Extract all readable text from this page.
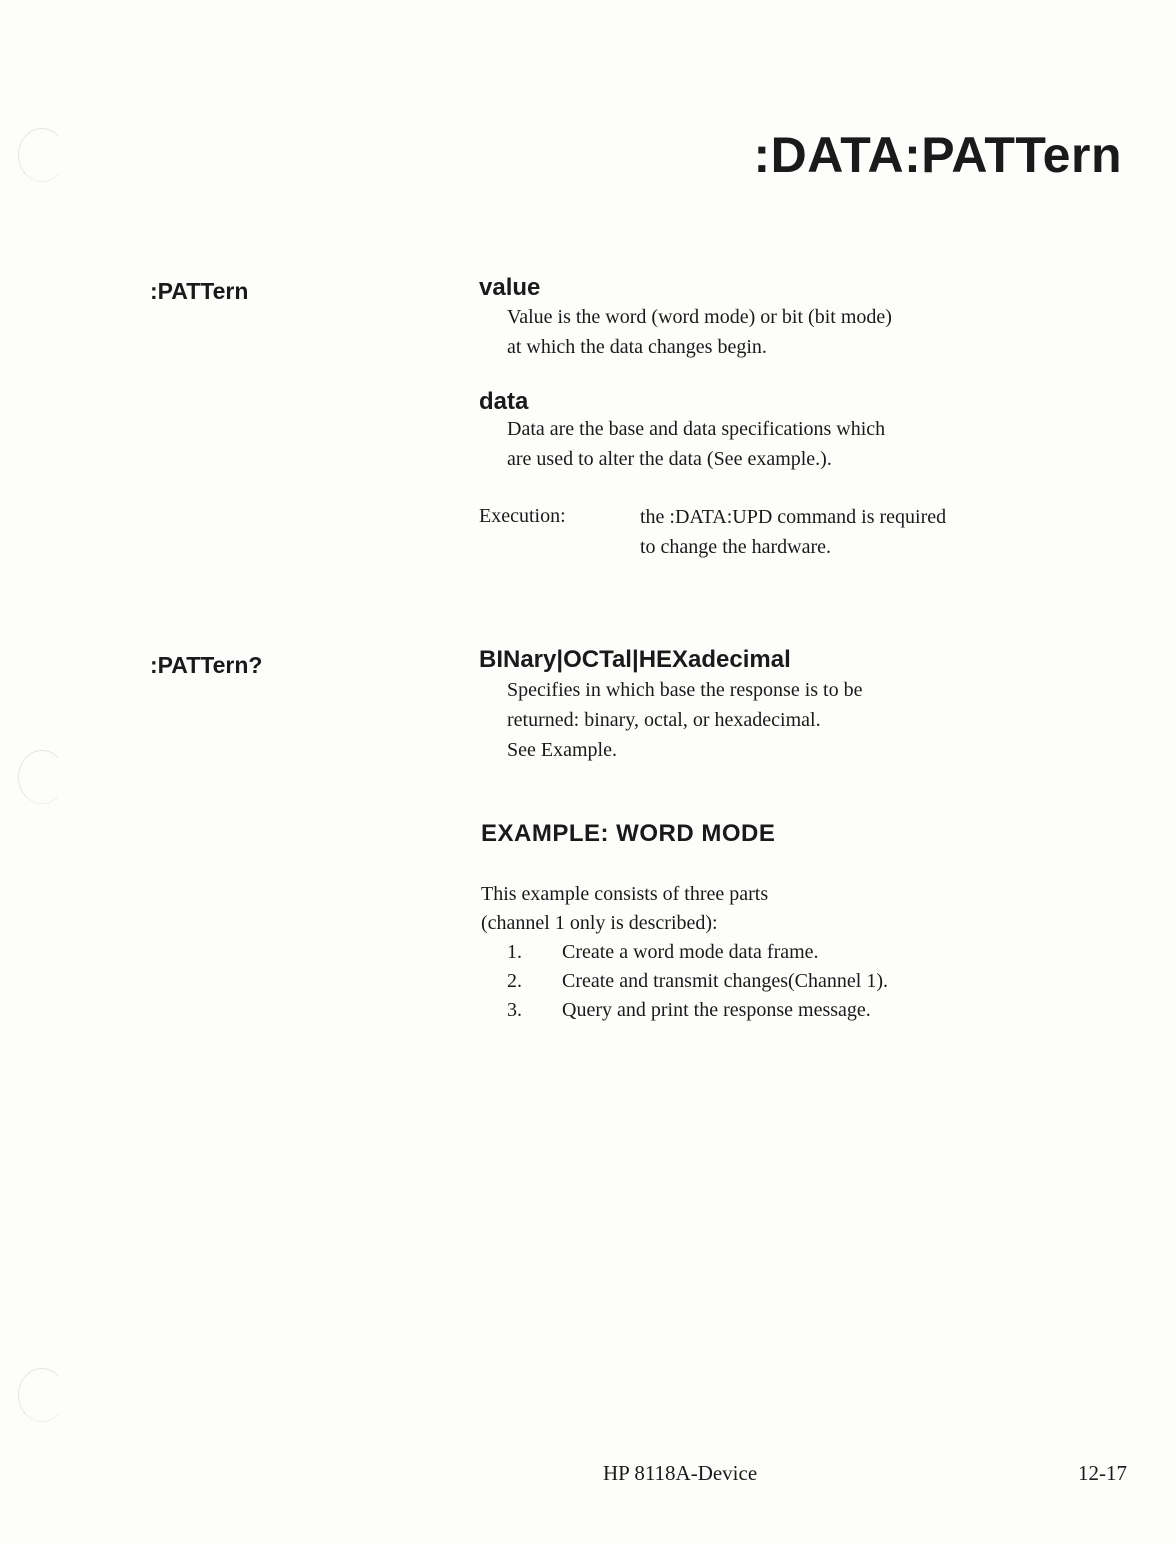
:DATA:PATTern
:PATTern	value
Value is the word (word mode) or bit (bit mode)
at which the data changes begin.
data
Data are the base and data specifications which
are used to alter the data (See example.).
Execution:	the :DATA:UPD command is required
to change the hardware.
:PATTern?	BINary|OCTal|HEXadecimal
Specifies in which base the response is to be
returned: binary, octal, or hexadecimal.
See Example.
EXAMPLE: WORD MODE
This example consists of three parts
(channel 1 only is described):
1.	Create a word mode data frame.
2.	Create and transmit changes(Channel 1).
3.	Query and print the response message.
HP 8118A-Device	12-17
